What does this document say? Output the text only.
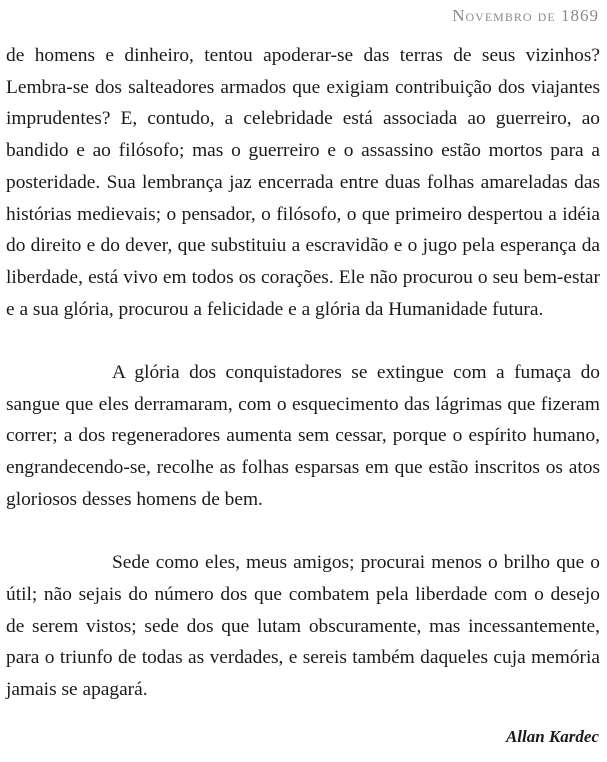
Novembro de 1869

de homens e dinheiro, tentou apoderar-se das terras de seus vizinhos? Lembra-se dos salteadores armados que exigiam contribuição dos viajantes imprudentes? E, contudo, a celebridade está associada ao guerreiro, ao bandido e ao filósofo; mas o guerreiro e o assassino estão mortos para a posteridade. Sua lembrança jaz encerrada entre duas folhas amareladas das histórias medievais; o pensador, o filósofo, o que primeiro despertou a idéia do direito e do dever, que substituiu a escravidão e o jugo pela esperança da liberdade, está vivo em todos os corações. Ele não procurou o seu bem-estar e a sua glória, procurou a felicidade e a glória da Humanidade futura.

A glória dos conquistadores se extingue com a fumaça do sangue que eles derramaram, com o esquecimento das lágrimas que fizeram correr; a dos regeneradores aumenta sem cessar, porque o espírito humano, engrandecendo-se, recolhe as folhas esparsas em que estão inscritos os atos gloriosos desses homens de bem.

Sede como eles, meus amigos; procurai menos o brilho que o útil; não sejais do número dos que combatem pela liberdade com o desejo de serem vistos; sede dos que lutam obscuramente, mas incessantemente, para o triunfo de todas as verdades, e sereis também daqueles cuja memória jamais se apagará.

Allan Kardec
